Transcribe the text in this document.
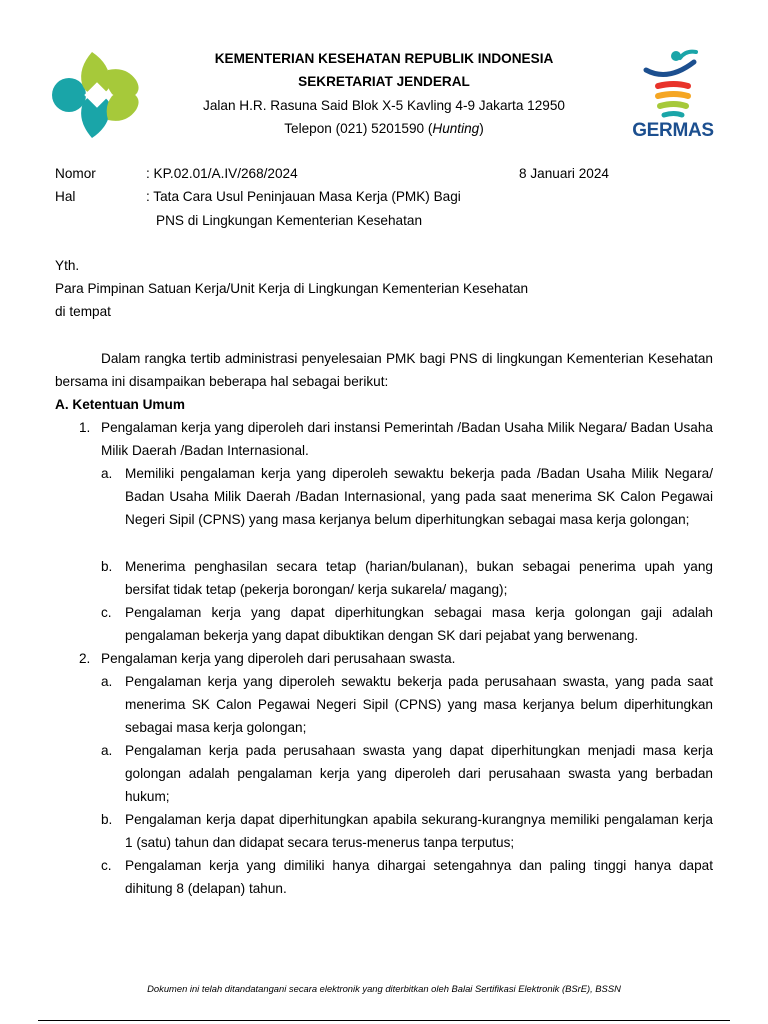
KEMENTERIAN KESEHATAN REPUBLIK INDONESIA
SEKRETARIAT JENDERAL
Jalan H.R. Rasuna Said Blok X-5 Kavling 4-9 Jakarta 12950
Telepon (021) 5201590 (Hunting)	GERMAS
Nomor	: KP.02.01/A.IV/268/2024	8 Januari 2024
Hal	: Tata Cara Usul Peninjauan Masa Kerja (PMK) Bagi
PNS di Lingkungan Kementerian Kesehatan
Yth.
Para Pimpinan Satuan Kerja/Unit Kerja di Lingkungan Kementerian Kesehatan
di tempat
Dalam rangka tertib administrasi penyelesaian PMK bagi PNS di lingkungan Kementerian Kesehatan bersama ini disampaikan beberapa hal sebagai berikut:
A. Ketentuan Umum
1. Pengalaman kerja yang diperoleh dari instansi Pemerintah /Badan Usaha Milik Negara/ Badan Usaha Milik Daerah /Badan Internasional.
a. Memiliki pengalaman kerja yang diperoleh sewaktu bekerja pada /Badan Usaha Milik Negara/ Badan Usaha Milik Daerah /Badan Internasional, yang pada saat menerima SK Calon Pegawai Negeri Sipil (CPNS) yang masa kerjanya belum diperhitungkan sebagai masa kerja golongan;
b. Menerima penghasilan secara tetap (harian/bulanan), bukan sebagai penerima upah yang bersifat tidak tetap (pekerja borongan/ kerja sukarela/ magang);
c. Pengalaman kerja yang dapat diperhitungkan sebagai masa kerja golongan gaji adalah pengalaman bekerja yang dapat dibuktikan dengan SK dari pejabat yang berwenang.
2. Pengalaman kerja yang diperoleh dari perusahaan swasta.
a. Pengalaman kerja yang diperoleh sewaktu bekerja pada perusahaan swasta, yang pada saat menerima SK Calon Pegawai Negeri Sipil (CPNS) yang masa kerjanya belum diperhitungkan sebagai masa kerja golongan;
a. Pengalaman kerja pada perusahaan swasta yang dapat diperhitungkan menjadi masa kerja golongan adalah pengalaman kerja yang diperoleh dari perusahaan swasta yang berbadan hukum;
b. Pengalaman kerja dapat diperhitungkan apabila sekurang-kurangnya memiliki pengalaman kerja 1 (satu) tahun dan didapat secara terus-menerus tanpa terputus;
c. Pengalaman kerja yang dimiliki hanya dihargai setengahnya dan paling tinggi hanya dapat dihitung 8 (delapan) tahun.
Dokumen ini telah ditandatangani secara elektronik yang diterbitkan oleh Balai Sertifikasi Elektronik (BSrE), BSSN
